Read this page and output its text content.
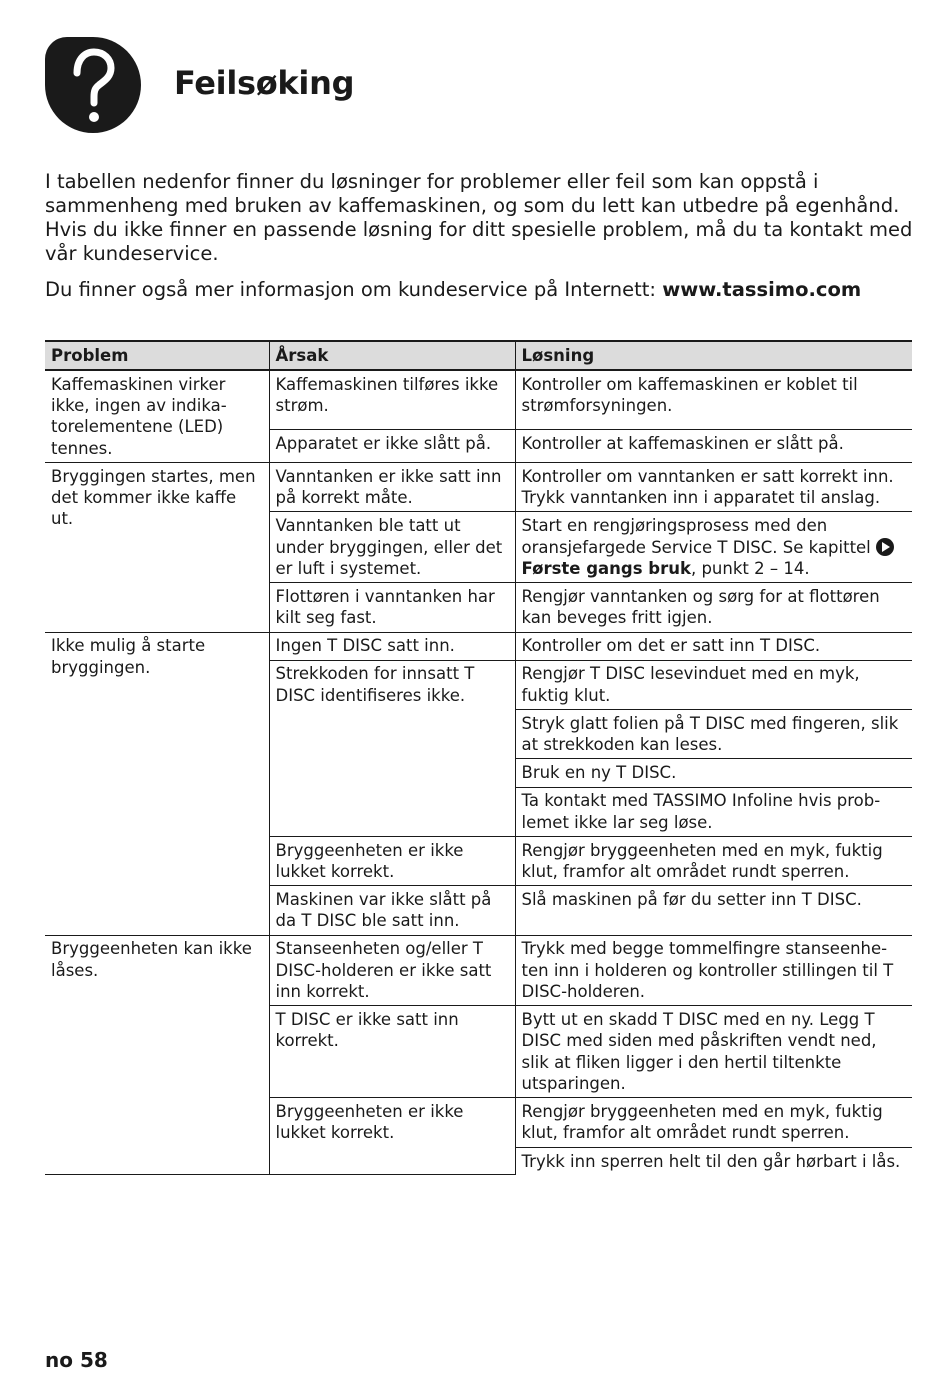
Feilsøking

I tabellen nedenfor finner du løsninger for problemer eller feil som kan oppstå i sammenheng med bruken av kaffemaskinen, og som du lett kan utbedre på egenhånd. Hvis du ikke finner en passende løsning for ditt spesielle problem, må du ta kontakt med vår kundeservice.

Du finner også mer informasjon om kundeservice på Internett: www.tassimo.com

Problem	Årsak	Løsning
Kaffemaskinen virker ikke, ingen av indikatorelementene (LED) tennes.	Kaffemaskinen tilføres ikke strøm.	Kontroller om kaffemaskinen er koblet til strømforsyningen.
	Apparatet er ikke slått på.	Kontroller at kaffemaskinen er slått på.
Bryggingen startes, men det kommer ikke kaffe ut.	Vanntanken er ikke satt inn på korrekt måte.	Kontroller om vanntanken er satt korrekt inn. Trykk vanntanken inn i apparatet til anslag.
	Vanntanken ble tatt ut under bryggingen, eller det er luft i systemet.	Start en rengjøringsprosess med den oransjefargede Service T DISC. Se kapittel Første gangs bruk, punkt 2 – 14.
	Flottøren i vanntanken har kilt seg fast.	Rengjør vanntanken og sørg for at flottøren kan beveges fritt igjen.
Ikke mulig å starte bryggingen.	Ingen T DISC satt inn.	Kontroller om det er satt inn T DISC.
	Strekkoden for innsatt T DISC identifiseres ikke.	Rengjør T DISC lesevinduet med en myk, fuktig klut.
		Stryk glatt folien på T DISC med fingeren, slik at strekkoden kan leses.
		Bruk en ny T DISC.
		Ta kontakt med TASSIMO Infoline hvis problemet ikke lar seg løse.
	Bryggeenheten er ikke lukket korrekt.	Rengjør bryggeenheten med en myk, fuktig klut, framfor alt området rundt sperren.
	Maskinen var ikke slått på da T DISC ble satt inn.	Slå maskinen på før du setter inn T DISC.
Bryggeenheten kan ikke låses.	Stanseenheten og/eller T DISC-holderen er ikke satt inn korrekt.	Trykk med begge tommelfingre stanseenheten inn i holderen og kontroller stillingen til T DISC-holderen.
	T DISC er ikke satt inn korrekt.	Bytt ut en skadd T DISC med en ny. Legg T DISC med siden med påskriften vendt ned, slik at fliken ligger i den hertil tiltenkte utsparingen.
	Bryggeenheten er ikke lukket korrekt.	Rengjør bryggeenheten med en myk, fuktig klut, framfor alt området rundt sperren.
		Trykk inn sperren helt til den går hørbart i lås.

no 58
